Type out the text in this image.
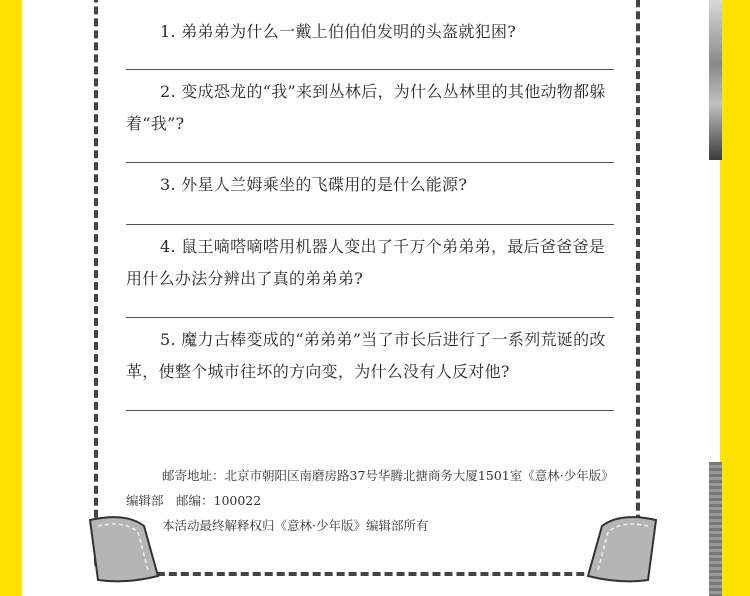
1. 弟弟弟为什么一戴上伯伯伯发明的头盔就犯困?
2. 变成恐龙的“我”来到丛林后，为什么丛林里的其他动物都躲着“我”?
3. 外星人兰姆乘坐的飞碟用的是什么能源?
4. 鼠王嘀嗒嘀嗒用机器人变出了千万个弟弟弟，最后爸爸爸是用什么办法分辨出了真的弟弟弟?
5. 魔力古棒变成的“弟弟弟”当了市长后进行了一系列荒诞的改革，使整个城市往坏的方向变，为什么没有人反对他?
邮寄地址：北京市朝阳区南磨房路37号华腾北搪商务大厦1501室《意林·少年版》编辑部　邮编：100022
本活动最终解释权归《意林·少年版》编辑部所有
